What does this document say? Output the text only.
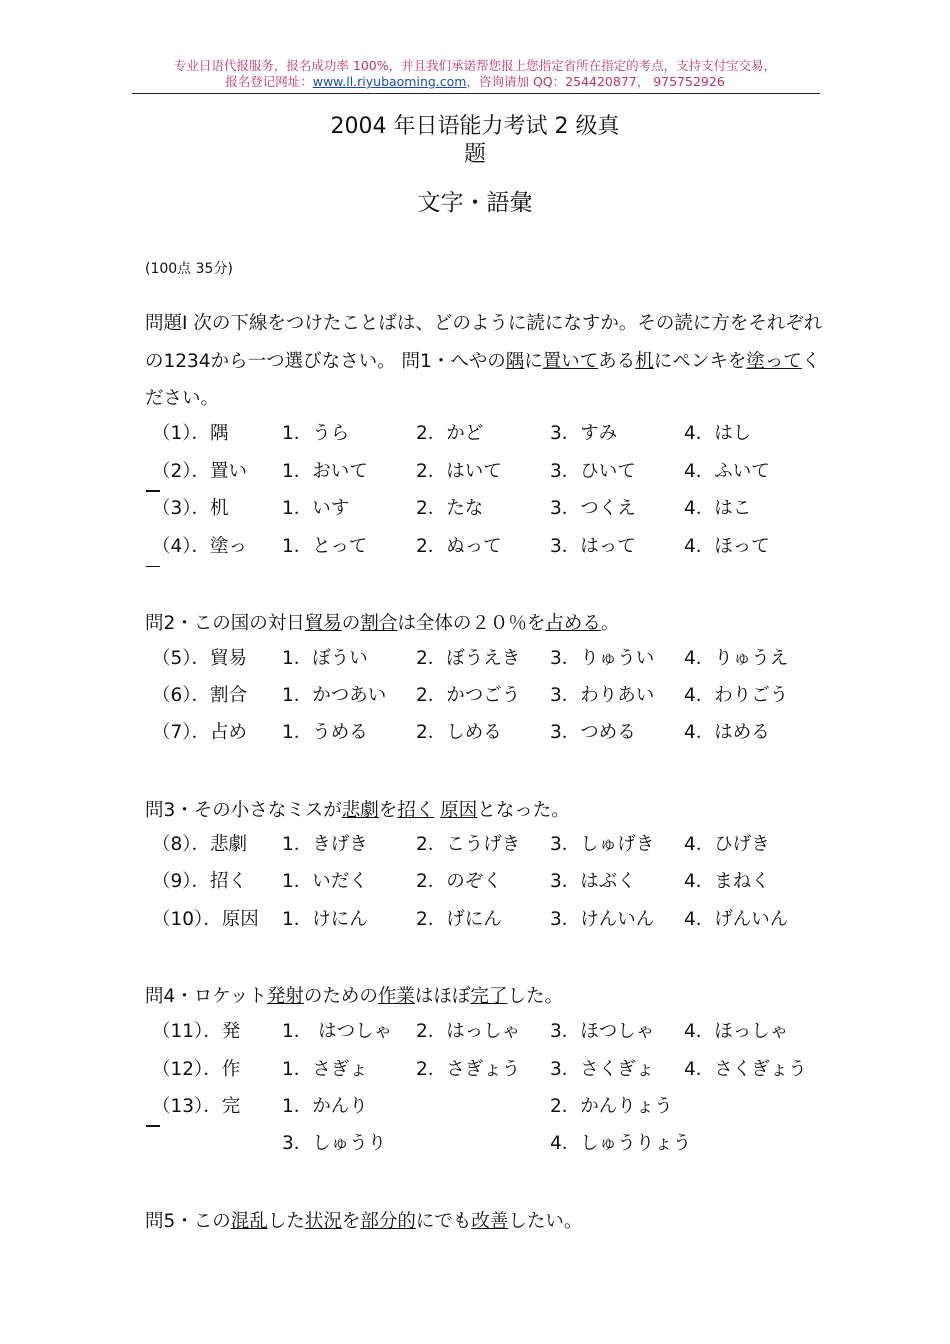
专业日语代报服务，报名成功率 100%，并且我们承诺帮您报上您指定省所在指定的考点，支持支付宝交易，
报名登记网址：www.ll.riyubaoming.com，咨询请加 QQ：254420877， 975752926
2004 年日语能力考试 2 级真
题
文字・語彙
(100点 35分)
問題Ⅰ 次の下線をつけたことばは、どのように読になすか。その読に方をそれぞれの1234から一つ選びなさい。 問1・へやの隅に置いてある机にペンキを塗ってください。
（1）．隅	1．うら	2．かど	3．すみ	4．はし
（2）．置い 1．おいて	2．はいて	3．ひいて	4．ふいて
（3）．机	1．いす	2．たな	3．つくえ	4．はこ
（4）．塗っ 1．とって	2．ぬって	3．はって	4．ほって
問2・この国の対日貿易の割合は全体の２０％を占める。
（5）．貿易 1．ぼうい	2．ぼうえき 3．りゅうい 4．りゅうえ
（6）．割合 1．かつあい 2．かつごう 3．わりあい 4．わりごう
（7）．占め 1．うめる	2．しめる	3．つめる	4．はめる
問3・その小さなミスが悲劇を招く 原因となった。
（8）．悲劇 1．きげき	2．こうげき 3．しゅげき 4．ひげき
（9）．招く 1．いだく	2．のぞく	3．はぶく	4．まねく
（10）．原因 1．けにん	2．げにん	3．けんいん 4．げんいん
問4・ロケット発射のための作業はほぼ完了した。
（11）．発 1． はつしゃ 2．はっしゃ 3．ほつしゃ 4．ほっしゃ
（12）．作 1．さぎょ	2．さぎょう 3．さくぎょ 4．さくぎょう
（13）．完 1．かんり	2．かんりょう
3．しゅうり	4．しゅうりょう
問5・この混乱した状況を部分的にでも改善したい。
